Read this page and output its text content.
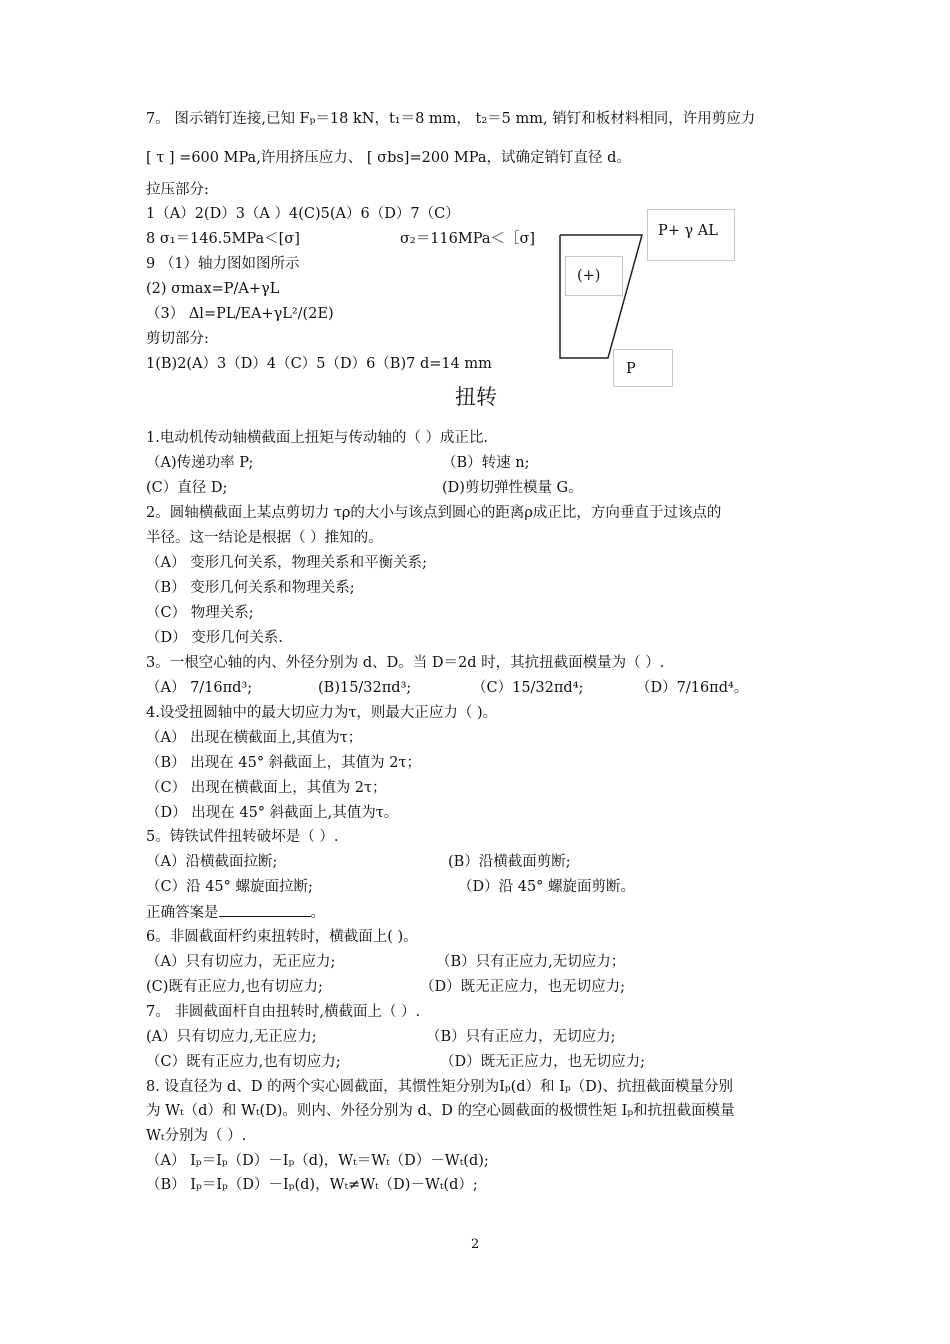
7。 图示销钉连接,已知 Fₚ＝18 kN，t₁＝8 mm， t₂＝5 mm, 销钉和板材料相同，许用剪应力
[ τ ] =600 MPa,许用挤压应力、 [ σbs]=200 MPa，试确定销钉直径 d。
拉压部分:
1（A）2(D）3（A ）4(C)5(A）6（D）7（C）
8 σ₁＝146.5MPa＜[σ]	σ₂＝116MPa＜［σ]
9 （1）轴力图如图所示
(2) σmax=P/A+γL
（3） Δl=PL/EA+γL²/(2E)
剪切部分:
1(B)2(A）3（D）4（C）5（D）6（B)7 d=14 mm
P+ γ AL
(+)
P
扭转
1.电动机传动轴横截面上扭矩与传动轴的（ ）成正比.
（A)传递功率 P;	（B）转速 n;
(C）直径 D;	(D)剪切弹性模量 G。
2。圆轴横截面上某点剪切力 τρ的大小与该点到圆心的距离ρ成正比，方向垂直于过该点的
半径。这一结论是根据（ ）推知的。
（A） 变形几何关系，物理关系和平衡关系;
（B） 变形几何关系和物理关系;
（C） 物理关系;
（D） 变形几何关系.
3。一根空心轴的内、外径分别为 d、D。当 D＝2d 时，其抗扭截面模量为（ ）.
（A） 7/16πd³;	(B)15/32πd³;	（C）15/32πd⁴;	（D）7/16πd⁴。
4.设受扭圆轴中的最大切应力为τ，则最大正应力（ )。
（A） 出现在横截面上,其值为τ；
（B） 出现在 45° 斜截面上，其值为 2τ；
（C） 出现在横截面上，其值为 2τ；
（D） 出现在 45° 斜截面上,其值为τ。
5。铸铁试件扭转破坏是（ ）.
（A）沿横截面拉断;	(B）沿横截面剪断;
（C）沿 45° 螺旋面拉断;	（D）沿 45° 螺旋面剪断。
正确答案是	。
6。非圆截面杆约束扭转时，横截面上( )。
（A）只有切应力，无正应力;	（B）只有正应力,无切应力；
(C)既有正应力,也有切应力;	（D）既无正应力，也无切应力;
7。 非圆截面杆自由扭转时,横截面上（ ）.
(A）只有切应力,无正应力;	（B）只有正应力，无切应力;
（C）既有正应力,也有切应力;	（D）既无正应力，也无切应力;
8. 设直径为 d、D 的两个实心圆截面，其惯性矩分别为Iₚ(d）和 Iₚ（D)、抗扭截面模量分别
为 Wₜ（d）和 Wₜ(D)。则内、外径分别为 d、D 的空心圆截面的极惯性矩 Iₚ和抗扭截面模量
Wₜ分别为（ ）.
（A） Iₚ＝Iₚ（D）－Iₚ（d)，Wₜ＝Wₜ（D）－Wₜ(d);
（B） Iₚ＝Iₚ（D）－Iₚ(d)，Wₜ≠Wₜ（D)－Wₜ(d）;
2
